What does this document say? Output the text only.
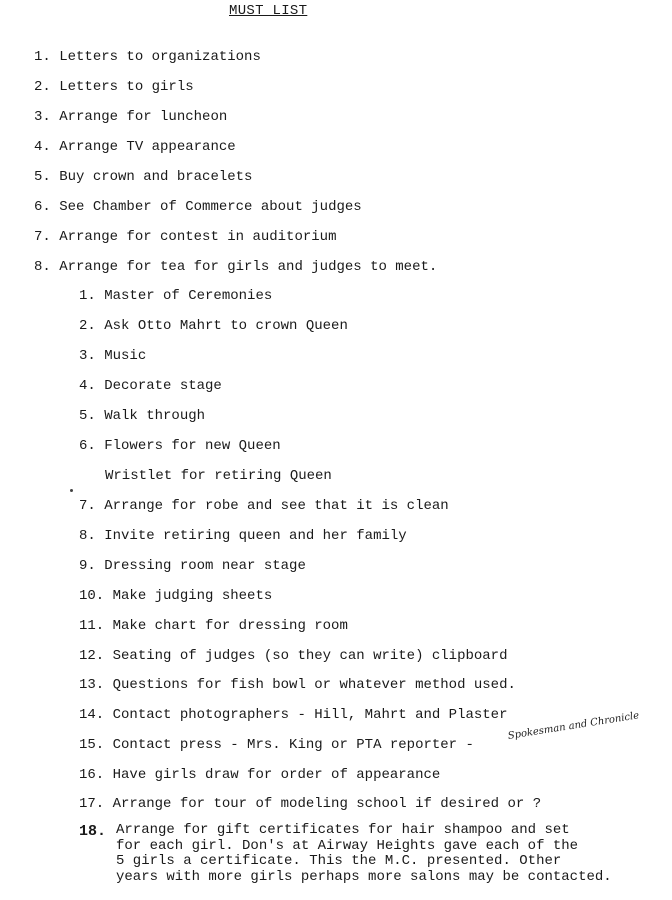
MUST LIST
1. Letters to organizations
2. Letters to girls
3. Arrange for luncheon
4. Arrange TV appearance
5. Buy crown and bracelets
6. See Chamber of Commerce about judges
7. Arrange for contest in auditorium
8. Arrange for tea for girls and judges to meet.
1. Master of Ceremonies
2. Ask Otto Mahrt to crown Queen
3. Music
4. Decorate stage
5. Walk through
6. Flowers for new Queen
Wristlet for retiring Queen
7. Arrange for robe and see that it is clean
8. Invite retiring queen and her family
9. Dressing room near stage
10. Make judging sheets
11. Make chart for dressing room
12. Seating of judges (so they can write) clipboard
13. Questions for fish bowl or whatever method used.
14. Contact photographers - Hill, Mahrt and Plaster
15. Contact press - Mrs. King or PTA reporter -
Spokesman and Chronicle
16. Have girls draw for order of appearance
17. Arrange for tour of modeling school if desired or ?
18. Arrange for gift certificates for hair shampoo and set
for each girl. Don's at Airway Heights gave each of the
5 girls a certificate. This the M.C. presented. Other
years with more girls perhaps more salons may be contacted.
